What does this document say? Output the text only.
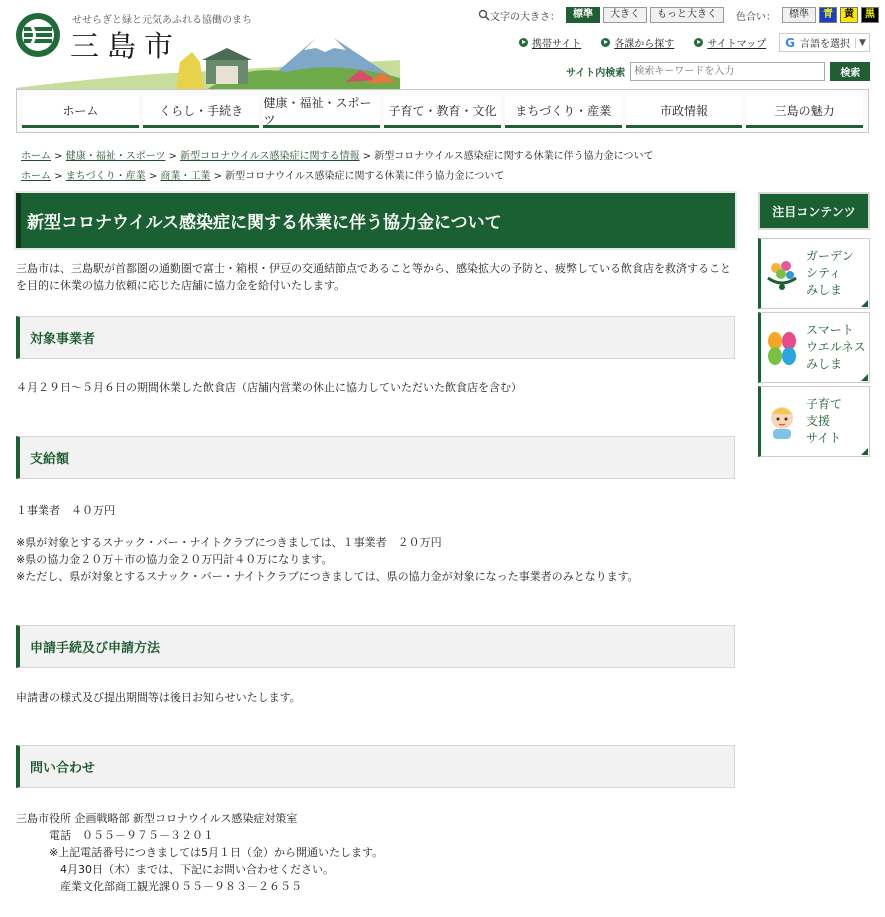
せせらぎと緑と元気あふれる協働のまち
三島市
文字の大きさ ：	標準	大きく	もっと大きく	色合い：	標準	青	黄	黒
携帯サイト	各課から探す	サイトマップ G 言語を選択	▼
サイト内検索
検索キーワードを入力	検索
ホーム	くらし・手続き
健康・福祉・スポーツ
子育て・教育・文化	まちづくり・産業	市政情報	三島の魅力
ホーム > 健康・福祉・スポーツ > 新型コロナウイルス感染症に関する情報 > 新型コロナウイルス感染症に関する休業に伴う協力金について
ホーム > まちづくり・産業 > 商業・工業 > 新型コロナウイルス感染症に関する休業に伴う協力金について
新型コロナウイルス感染症に関する休業に伴う協力金について

三島市は、三島駅が首都圏の通勤圏で富士・箱根・伊豆の交通結節点であること等から、感染拡大の予防と、疲弊している飲食店を救済することを目的に休業の協力依頼に応じた店舗に協力金を給付いたします。

対象事業者

４月２９日～５月６日の期間休業した飲食店（店舗内営業の休止に協力していただいた飲食店を含む）

支給額

１事業者　４０万円

※県が対象とするスナック・バー・ナイトクラブにつきましては、１事業者　２０万円

※県の協力金２０万＋市の協力金２０万円計４０万になります。

※ただし、県が対象とするスナック・バー・ナイトクラブにつきましては、県の協力金が対象になった事業者のみとなります。

申請手続及び申請方法

申請書の様式及び提出期間等は後日お知らせいたします。

問い合わせ

三島市役所 企画戦略部 新型コロナウイルス感染症対策室

　　　電話　０５５－９７５－３２０１

　　　※上記電話番号につきましては5月１日（金）から開通いたします。

　　　　4月30日（木）までは、下記にお問い合わせください。

　　　　産業文化部商工観光課０５５－９８３－２６５５

注目コンテンツ
ガーデン
シティ
みしま
スマート
ウエルネス
みしま
子育て
支援
サイト
